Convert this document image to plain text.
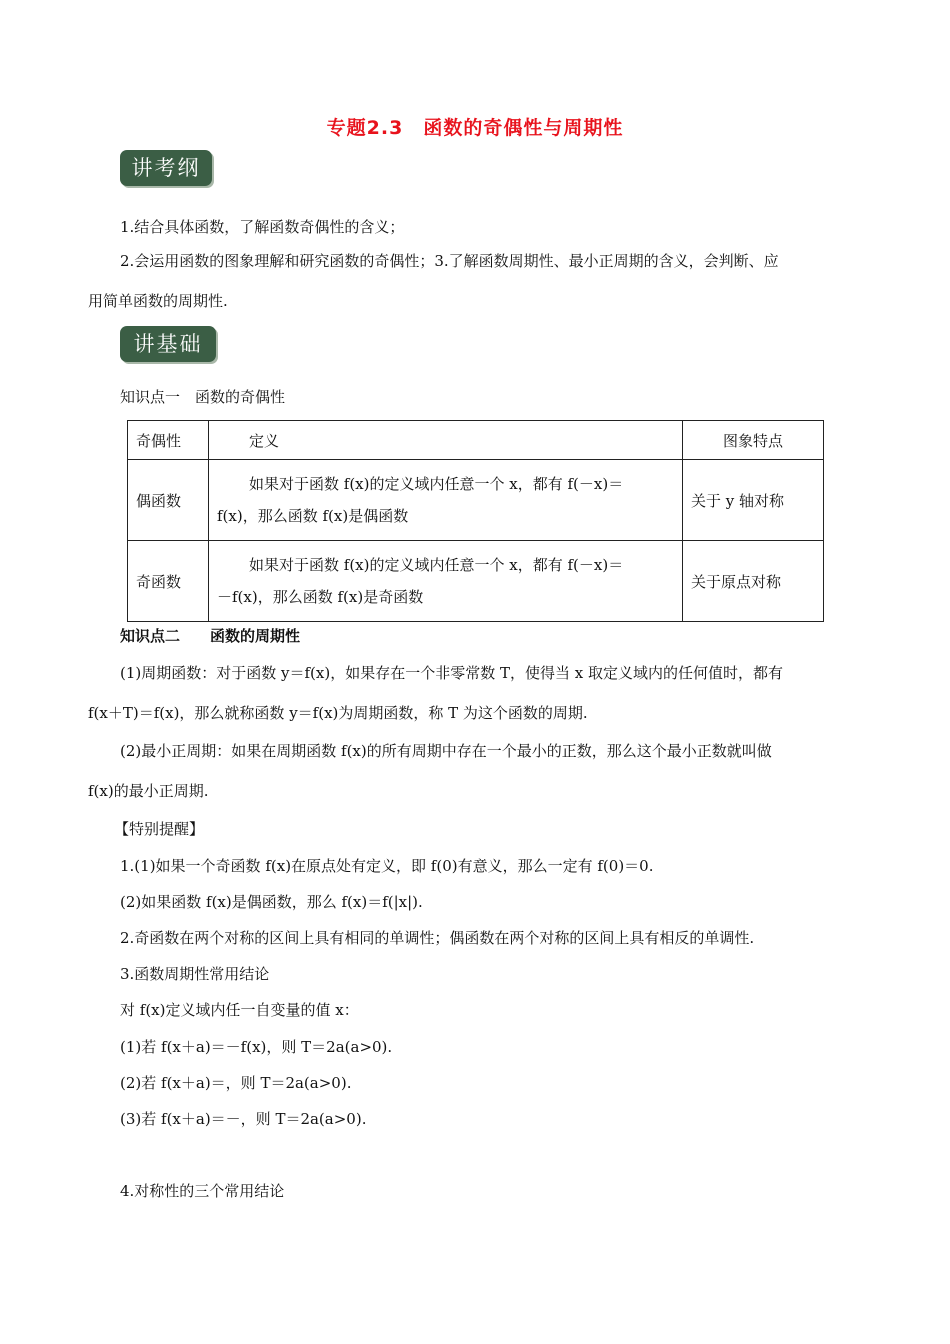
专题2.3　函数的奇偶性与周期性
讲考纲
1.结合具体函数，了解函数奇偶性的含义；
2.会运用函数的图象理解和研究函数的奇偶性；3.了解函数周期性、最小正周期的含义，会判断、应
用简单函数的周期性.
讲基础
知识点一　函数的奇偶性
奇偶性	定义	图象特点
偶函数	如果对于函数 f(x)的定义域内任意一个 x，都有 f(－x)＝
f(x)，那么函数 f(x)是偶函数	关于 y 轴对称
奇函数	如果对于函数 f(x)的定义域内任意一个 x，都有 f(－x)＝
－f(x)，那么函数 f(x)是奇函数	关于原点对称
知识点二　　函数的周期性
(1)周期函数：对于函数 y＝f(x)，如果存在一个非零常数 T，使得当 x 取定义域内的任何值时，都有
f(x＋T)＝f(x)，那么就称函数 y＝f(x)为周期函数，称 T 为这个函数的周期.
(2)最小正周期：如果在周期函数 f(x)的所有周期中存在一个最小的正数，那么这个最小正数就叫做
f(x)的最小正周期.
【特别提醒】
1.(1)如果一个奇函数 f(x)在原点处有定义，即 f(0)有意义，那么一定有 f(0)＝0.
(2)如果函数 f(x)是偶函数，那么 f(x)＝f(|x|).
2.奇函数在两个对称的区间上具有相同的单调性；偶函数在两个对称的区间上具有相反的单调性.
3.函数周期性常用结论
对 f(x)定义域内任一自变量的值 x：
(1)若 f(x＋a)＝－f(x)，则 T＝2a(a>0).
(2)若 f(x＋a)＝，则 T＝2a(a>0).
(3)若 f(x＋a)＝－，则 T＝2a(a>0).
4.对称性的三个常用结论
